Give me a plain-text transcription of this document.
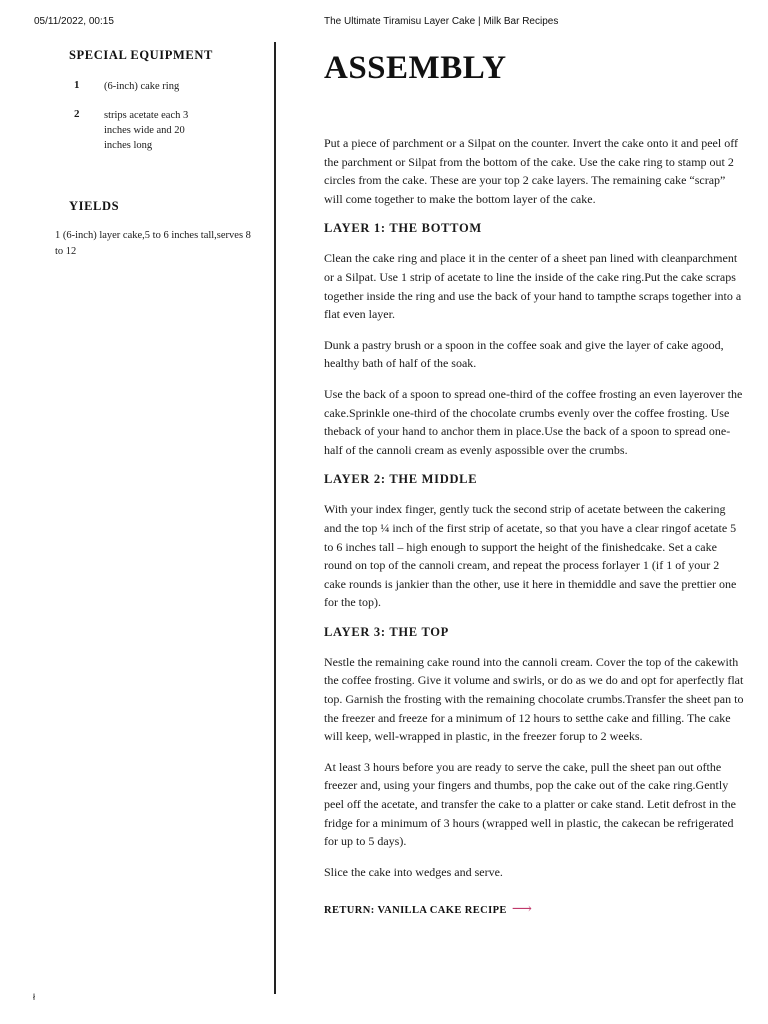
05/11/2022, 00:15	The Ultimate Tiramisu Layer Cake | Milk Bar Recipes
SPECIAL EQUIPMENT
1	(6-inch) cake ring
2	strips acetate each 3 inches wide and 20 inches long
YIELDS
1 (6-inch) layer cake,5 to 6 inches tall,serves 8 to 12
ASSEMBLY

Put a piece of parchment or a Silpat on the counter. Invert the cake onto it and peel off the parchment or Silpat from the bottom of the cake. Use the cake ring to stamp out 2 circles from the cake. These are your top 2 cake layers. The remaining cake “scrap” will come together to make the bottom layer of the cake.

LAYER 1: THE BOTTOM

Clean the cake ring and place it in the center of a sheet pan lined with cleanparchment or a Silpat. Use 1 strip of acetate to line the inside of the cake ring.Put the cake scraps together inside the ring and use the back of your hand to tampthe scraps together into a flat even layer.

Dunk a pastry brush or a spoon in the coffee soak and give the layer of cake agood, healthy bath of half of the soak.

Use the back of a spoon to spread one-third of the coffee frosting an even layerover the cake.Sprinkle one-third of the chocolate crumbs evenly over the coffee frosting. Use theback of your hand to anchor them in place.Use the back of a spoon to spread one-half of the cannoli cream as evenly aspossible over the crumbs.

LAYER 2: THE MIDDLE

With your index finger, gently tuck the second strip of acetate between the cakering and the top ¼ inch of the first strip of acetate, so that you have a clear ringof acetate 5 to 6 inches tall – high enough to support the height of the finishedcake. Set a cake round on top of the cannoli cream, and repeat the process forlayer 1 (if 1 of your 2 cake rounds is jankier than the other, use it here in themiddle and save the prettier one for the top).

LAYER 3: THE TOP

Nestle the remaining cake round into the cannoli cream. Cover the top of the cakewith the coffee frosting. Give it volume and swirls, or do as we do and opt for aperfectly flat top. Garnish the frosting with the remaining chocolate crumbs.Transfer the sheet pan to the freezer and freeze for a minimum of 12 hours to setthe cake and filling. The cake will keep, well-wrapped in plastic, in the freezer forup to 2 weeks.

At least 3 hours before you are ready to serve the cake, pull the sheet pan out ofthe freezer and, using your fingers and thumbs, pop the cake out of the cake ring.Gently peel off the acetate, and transfer the cake to a platter or cake stand. Letit defrost in the fridge for a minimum of 3 hours (wrapped well in plastic, the cakecan be refrigerated for up to 5 days).

Slice the cake into wedges and serve.

RETURN: VANILLA CAKE RECIPE ⟶
ł
